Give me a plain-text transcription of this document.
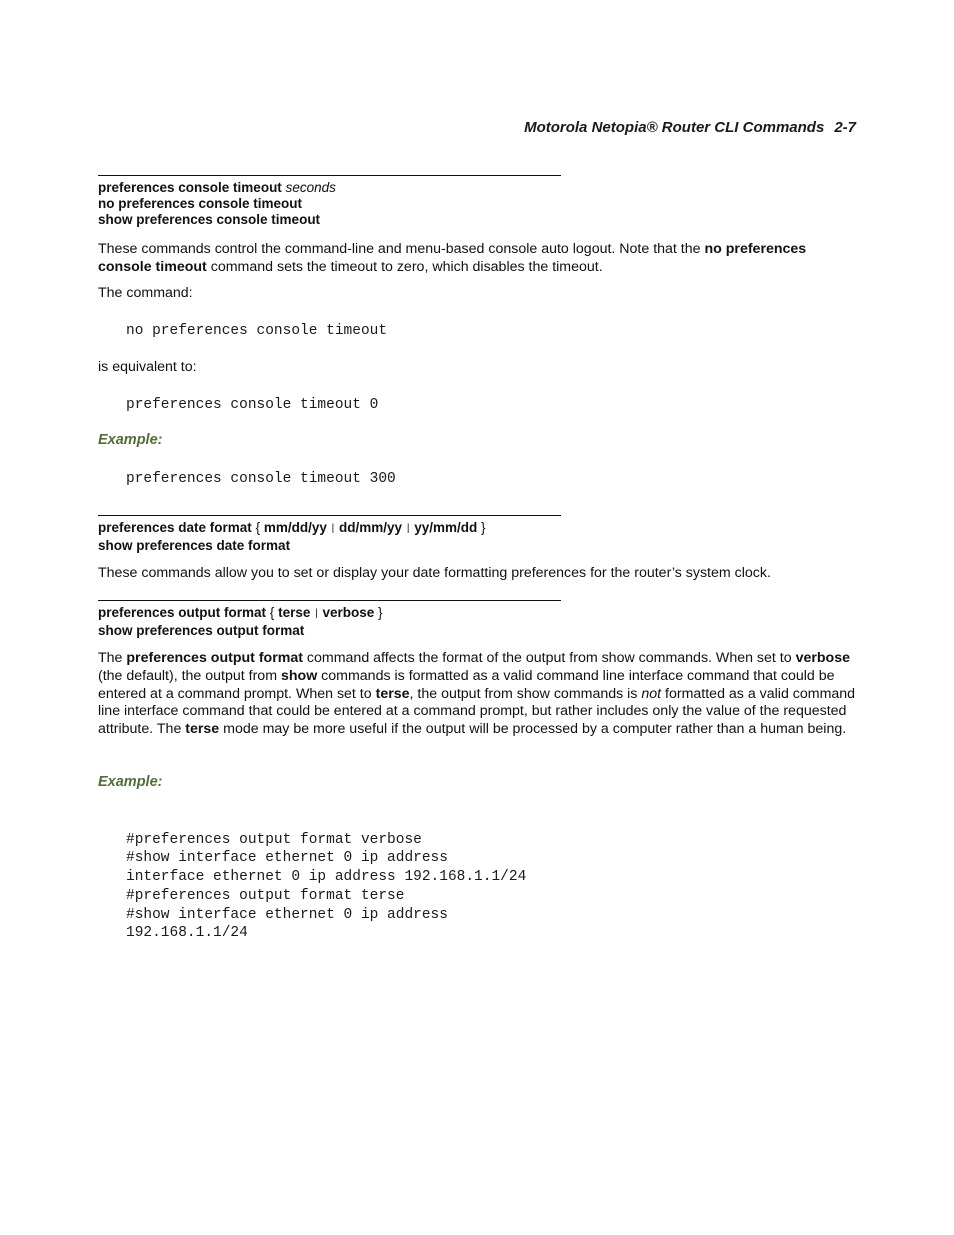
Motorola Netopia® Router CLI Commands 2-7
preferences console timeout seconds
no preferences console timeout
show preferences console timeout

These commands control the command-line and menu-based console auto logout. Note that the no preferences console timeout command sets the timeout to zero, which disables the timeout.

The command:

no preferences console timeout

is equivalent to:

preferences console timeout 0
Example:
preferences console timeout 300
preferences date format { mm/dd/yy | dd/mm/yy | yy/mm/dd }
show preferences date format

These commands allow you to set or display your date formatting preferences for the router’s system clock.

preferences output format { terse | verbose }
show preferences output format

The preferences output format command affects the format of the output from show commands. When set to verbose (the default), the output from show commands is formatted as a valid command line interface command that could be entered at a command prompt. When set to terse, the output from show commands is not formatted as a valid command line interface command that could be entered at a command prompt, but rather includes only the value of the requested attribute. The terse mode may be more useful if the output will be processed by a computer rather than a human being.

Example:

#preferences output format verbose
#show interface ethernet 0 ip address
interface ethernet 0 ip address 192.168.1.1/24
#preferences output format terse
#show interface ethernet 0 ip address
192.168.1.1/24
